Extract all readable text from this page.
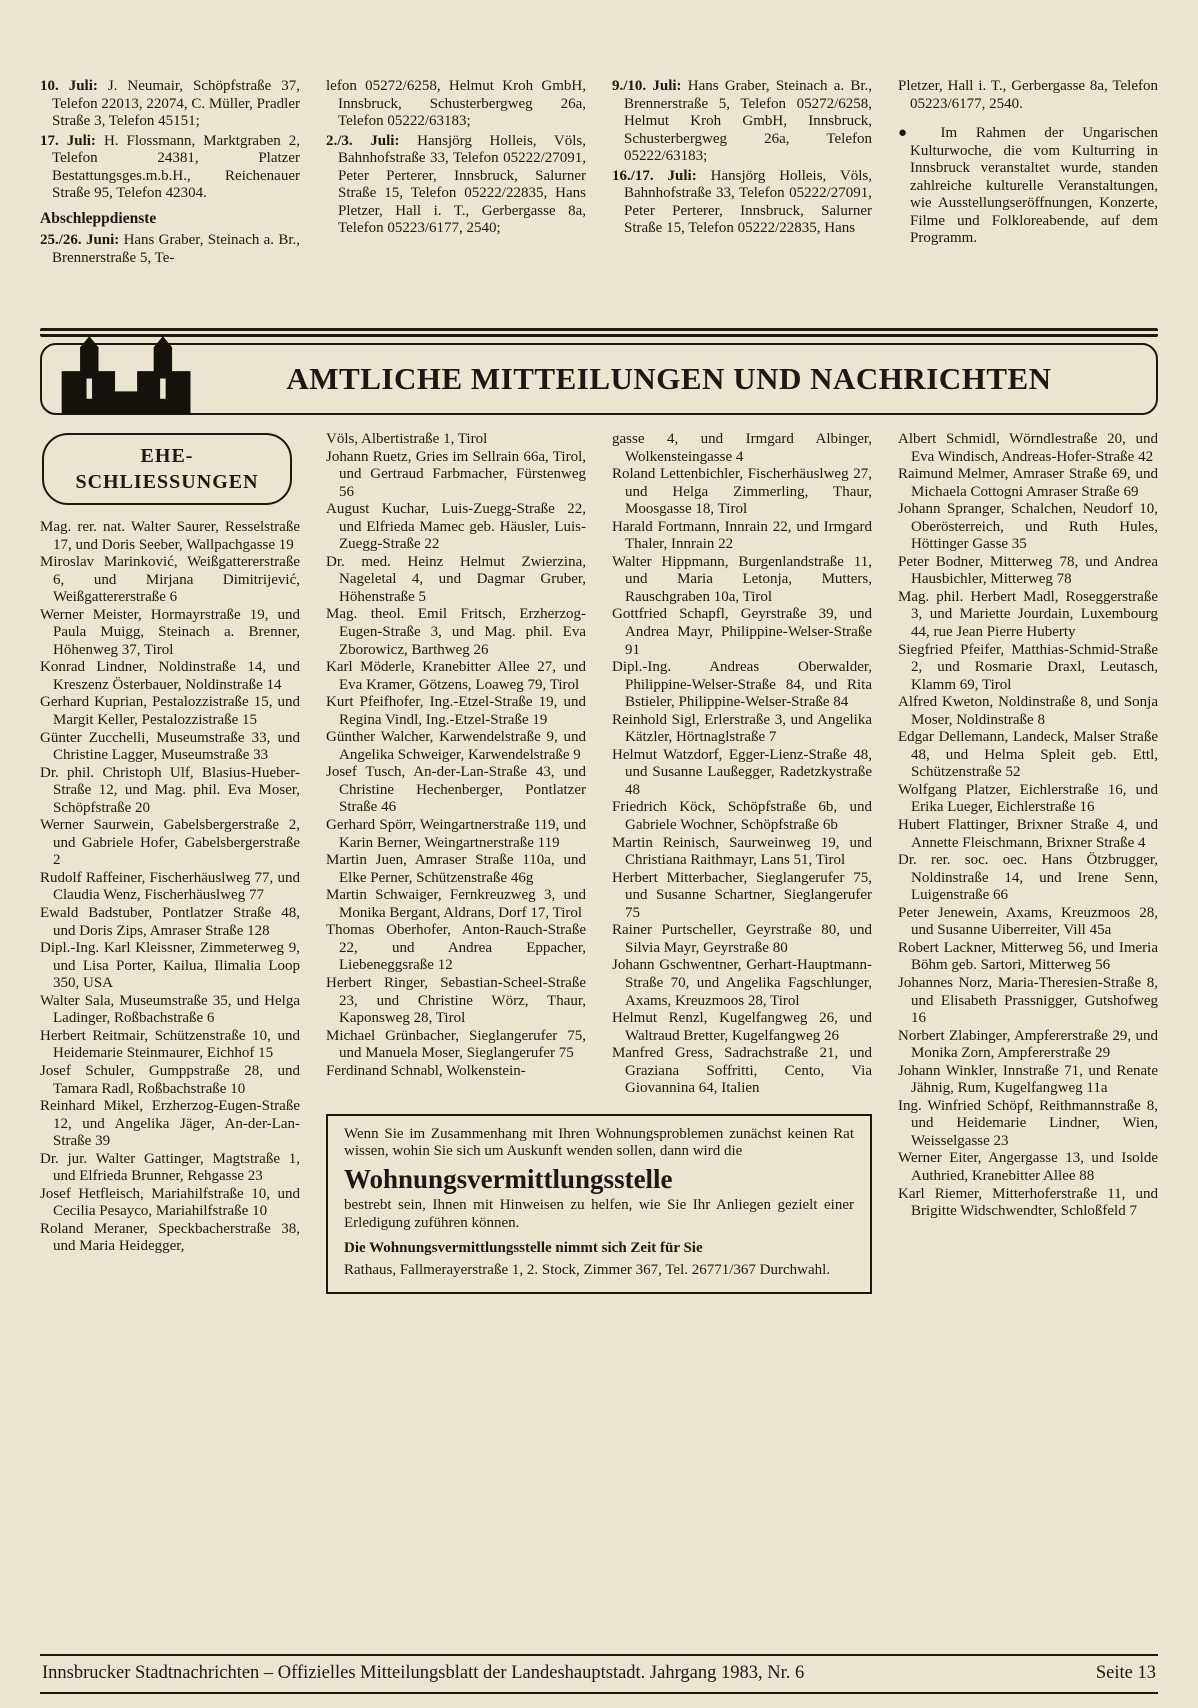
10. Juli: J. Neumair, Schöpfstraße 37, Telefon 22013, 22074, C. Müller, Pradler Straße 3, Telefon 45151;

17. Juli: H. Flossmann, Marktgraben 2, Telefon 24381, Platzer Bestattungsges.m.b.H., Reichenauer Straße 95, Telefon 42304.

Abschleppdienste

25./26. Juni: Hans Graber, Steinach a. Br., Brennerstraße 5, Te-

lefon 05272/6258, Helmut Kroh GmbH, Innsbruck, Schusterbergweg 26a, Telefon 05222/63183;

2./3. Juli: Hansjörg Holleis, Völs, Bahnhofstraße 33, Telefon 05222/27091, Peter Perterer, Innsbruck, Salurner Straße 15, Telefon 05222/22835, Hans Pletzer, Hall i. T., Gerbergasse 8a, Telefon 05223/6177, 2540;

9./10. Juli: Hans Graber, Steinach a. Br., Brennerstraße 5, Telefon 05272/6258, Helmut Kroh GmbH, Innsbruck, Schusterbergweg 26a, Telefon 05222/63183;

16./17. Juli: Hansjörg Holleis, Völs, Bahnhofstraße 33, Telefon 05222/27091, Peter Perterer, Innsbruck, Salurner Straße 15, Telefon 05222/22835, Hans

Pletzer, Hall i. T., Gerbergasse 8a, Telefon 05223/6177, 2540.

● Im Rahmen der Ungarischen Kulturwoche, die vom Kulturring in Innsbruck veranstaltet wurde, standen zahlreiche kulturelle Veranstaltungen, wie Ausstellungseröffnungen, Konzerte, Filme und Folkloreabende, auf dem Programm.

AMTLICHE MITTEILUNGEN UND NACHRICHTEN
EHE-
SCHLIESSUNGEN

Mag. rer. nat. Walter Saurer, Resselstraße 17, und Doris Seeber, Wallpachgasse 19

Miroslav Marinković, Weißgattererstraße 6, und Mirjana Dimitrijević, Weißgattererstraße 6

Werner Meister, Hormayrstraße 19, und Paula Muigg, Steinach a. Brenner, Höhenweg 37, Tirol

Konrad Lindner, Noldinstraße 14, und Kreszenz Österbauer, Noldinstraße 14

Gerhard Kuprian, Pestalozzistraße 15, und Margit Keller, Pestalozzistraße 15

Günter Zucchelli, Museumstraße 33, und Christine Lagger, Museumstraße 33

Dr. phil. Christoph Ulf, Blasius-Hueber-Straße 12, und Mag. phil. Eva Moser, Schöpfstraße 20

Werner Saurwein, Gabelsbergerstraße 2, und Gabriele Hofer, Gabelsbergerstraße 2

Rudolf Raffeiner, Fischerhäuslweg 77, und Claudia Wenz, Fischerhäuslweg 77

Ewald Badstuber, Pontlatzer Straße 48, und Doris Zips, Amraser Straße 128

Dipl.-Ing. Karl Kleissner, Zimmeterweg 9, und Lisa Porter, Kailua, Ilimalia Loop 350, USA

Walter Sala, Museumstraße 35, und Helga Ladinger, Roßbachstraße 6

Herbert Reitmair, Schützenstraße 10, und Heidemarie Steinmaurer, Eichhof 15

Josef Schuler, Gumppstraße 28, und Tamara Radl, Roßbachstraße 10

Reinhard Mikel, Erzherzog-Eugen-Straße 12, und Angelika Jäger, An-der-Lan-Straße 39

Dr. jur. Walter Gattinger, Magtstraße 1, und Elfrieda Brunner, Rehgasse 23

Josef Hetfleisch, Mariahilfstraße 10, und Cecilia Pesayco, Mariahilfstraße 10

Roland Meraner, Speckbacherstraße 38, und Maria Heidegger,

Völs, Albertistraße 1, Tirol

Johann Ruetz, Gries im Sellrain 66a, Tirol, und Gertraud Farbmacher, Fürstenweg 56

August Kuchar, Luis-Zuegg-Straße 22, und Elfrieda Mamec geb. Häusler, Luis-Zuegg-Straße 22

Dr. med. Heinz Helmut Zwierzina, Nageletal 4, und Dagmar Gruber, Höhenstraße 5

Mag. theol. Emil Fritsch, Erzherzog-Eugen-Straße 3, und Mag. phil. Eva Zborowicz, Barthweg 26

Karl Möderle, Kranebitter Allee 27, und Eva Kramer, Götzens, Loaweg 79, Tirol

Kurt Pfeifhofer, Ing.-Etzel-Straße 19, und Regina Vindl, Ing.-Etzel-Straße 19

Günther Walcher, Karwendelstraße 9, und Angelika Schweiger, Karwendelstraße 9

Josef Tusch, An-der-Lan-Straße 43, und Christine Hechenberger, Pontlatzer Straße 46

Gerhard Spörr, Weingartnerstraße 119, und Karin Berner, Weingartnerstraße 119

Martin Juen, Amraser Straße 110a, und Elke Perner, Schützenstraße 46g

Martin Schwaiger, Fernkreuzweg 3, und Monika Bergant, Aldrans, Dorf 17, Tirol

Thomas Oberhofer, Anton-Rauch-Straße 22, und Andrea Eppacher, Liebeneggsraße 12

Herbert Ringer, Sebastian-Scheel-Straße 23, und Christine Wörz, Thaur, Kaponsweg 28, Tirol

Michael Grünbacher, Sieglangerufer 75, und Manuela Moser, Sieglangerufer 75

Ferdinand Schnabl, Wolkenstein-

gasse 4, und Irmgard Albinger, Wolkensteingasse 4

Roland Lettenbichler, Fischerhäuslweg 27, und Helga Zimmerling, Thaur, Moosgasse 18, Tirol

Harald Fortmann, Innrain 22, und Irmgard Thaler, Innrain 22

Walter Hippmann, Burgenlandstraße 11, und Maria Letonja, Mutters, Rauschgraben 10a, Tirol

Gottfried Schapfl, Geyrstraße 39, und Andrea Mayr, Philippine-Welser-Straße 91

Dipl.-Ing. Andreas Oberwalder, Philippine-Welser-Straße 84, und Rita Bstieler, Philippine-Welser-Straße 84

Reinhold Sigl, Erlerstraße 3, und Angelika Kätzler, Hörtnaglstraße 7

Helmut Watzdorf, Egger-Lienz-Straße 48, und Susanne Laußegger, Radetzkystraße 48

Friedrich Köck, Schöpfstraße 6b, und Gabriele Wochner, Schöpfstraße 6b

Martin Reinisch, Saurweinweg 19, und Christiana Raithmayr, Lans 51, Tirol

Herbert Mitterbacher, Sieglangerufer 75, und Susanne Schartner, Sieglangerufer 75

Rainer Purtscheller, Geyrstraße 80, und Silvia Mayr, Geyrstraße 80

Johann Gschwentner, Gerhart-Hauptmann-Straße 70, und Angelika Fagschlunger, Axams, Kreuzmoos 28, Tirol

Helmut Renzl, Kugelfangweg 26, und Waltraud Bretter, Kugelfangweg 26

Manfred Gress, Sadrachstraße 21, und Graziana Soffritti, Cento, Via Giovannina 64, Italien

Wenn Sie im Zusammenhang mit Ihren Wohnungsproblemen zunächst keinen Rat wissen, wohin Sie sich um Auskunft wenden sollen, dann wird die

Wohnungsvermittlungsstelle

bestrebt sein, Ihnen mit Hinweisen zu helfen, wie Sie Ihr Anliegen gezielt einer Erledigung zuführen können.

Die Wohnungsvermittlungsstelle nimmt sich Zeit für Sie

Rathaus, Fallmerayerstraße 1, 2. Stock, Zimmer 367, Tel. 26771/367 Durchwahl.

Albert Schmidl, Wörndlestraße 20, und Eva Windisch, Andreas-Hofer-Straße 42

Raimund Melmer, Amraser Straße 69, und Michaela Cottogni Amraser Straße 69

Johann Spranger, Schalchen, Neudorf 10, Oberösterreich, und Ruth Hules, Höttinger Gasse 35

Peter Bodner, Mitterweg 78, und Andrea Hausbichler, Mitterweg 78

Mag. phil. Herbert Madl, Roseggerstraße 3, und Mariette Jourdain, Luxembourg 44, rue Jean Pierre Huberty

Siegfried Pfeifer, Matthias-Schmid-Straße 2, und Rosmarie Draxl, Leutasch, Klamm 69, Tirol

Alfred Kweton, Noldinstraße 8, und Sonja Moser, Noldinstraße 8

Edgar Dellemann, Landeck, Malser Straße 48, und Helma Spleit geb. Ettl, Schützenstraße 52

Wolfgang Platzer, Eichlerstraße 16, und Erika Lueger, Eichlerstraße 16

Hubert Flattinger, Brixner Straße 4, und Annette Fleischmann, Brixner Straße 4

Dr. rer. soc. oec. Hans Ötzbrugger, Noldinstraße 14, und Irene Senn, Luigenstraße 66

Peter Jenewein, Axams, Kreuzmoos 28, und Susanne Uiberreiter, Vill 45a

Robert Lackner, Mitterweg 56, und Imeria Böhm geb. Sartori, Mitterweg 56

Johannes Norz, Maria-Theresien-Straße 8, und Elisabeth Prassnigger, Gutshofweg 16

Norbert Zlabinger, Ampfererstraße 29, und Monika Zorn, Ampfererstraße 29

Johann Winkler, Innstraße 71, und Renate Jähnig, Rum, Kugelfangweg 11a

Ing. Winfried Schöpf, Reithmannstraße 8, und Heidemarie Lindner, Wien, Weisselgasse 23

Werner Eiter, Angergasse 13, und Isolde Authried, Kranebitter Allee 88

Karl Riemer, Mitterhoferstraße 11, und Brigitte Widschwendter, Schloßfeld 7

Innsbrucker Stadtnachrichten – Offizielles Mitteilungsblatt der Landeshauptstadt. Jahrgang 1983, Nr. 6	Seite 13
